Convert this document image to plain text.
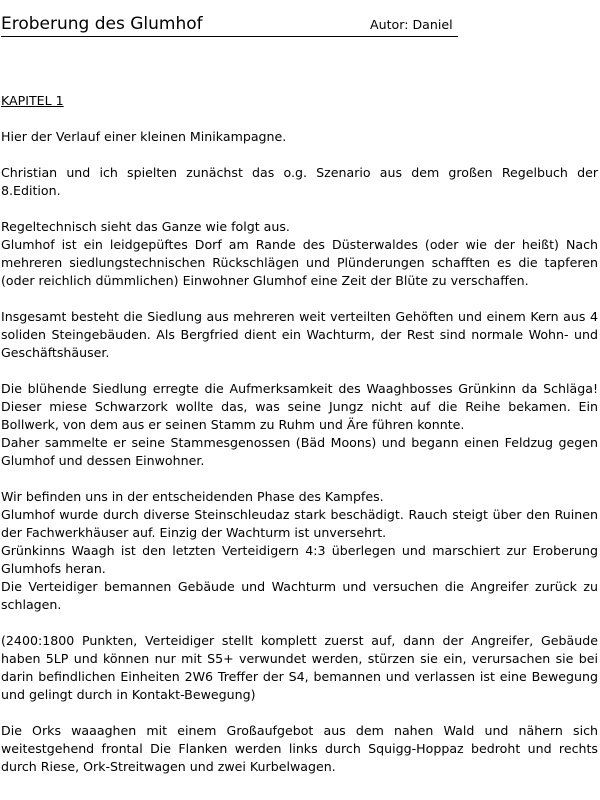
Eroberung des Glumhof	Autor: Daniel
KAPITEL 1

Hier der Verlauf einer kleinen Minikampagne.

Christian und ich spielten zunächst das o.g. Szenario aus dem großen Regelbuch der 8.Edition.

Regeltechnisch sieht das Ganze wie folgt aus.
Glumhof ist ein leidgepüftes Dorf am Rande des Düsterwaldes (oder wie der heißt) Nach mehreren siedlungstechnischen Rückschlägen und Plünderungen schafften es die tapferen (oder reichlich dümmlichen) Einwohner Glumhof eine Zeit der Blüte zu verschaffen.

Insgesamt besteht die Siedlung aus mehreren weit verteilten Gehöften und einem Kern aus 4 soliden Steingebäuden. Als Bergfried dient ein Wachturm, der Rest sind normale Wohn- und Geschäftshäuser.

Die blühende Siedlung erregte die Aufmerksamkeit des Waaghbosses Grünkinn da Schläga! Dieser miese Schwarzork wollte das, was seine Jungz nicht auf die Reihe bekamen. Ein Bollwerk, von dem aus er seinen Stamm zu Ruhm und Äre führen konnte.
Daher sammelte er seine Stammesgenossen (Bäd Moons) und begann einen Feldzug gegen Glumhof und dessen Einwohner.

Wir befinden uns in der entscheidenden Phase des Kampfes.
Glumhof wurde durch diverse Steinschleudaz stark beschädigt. Rauch steigt über den Ruinen der Fachwerkhäuser auf. Einzig der Wachturm ist unversehrt.
Grünkinns Waagh ist den letzten Verteidigern 4:3 überlegen und marschiert zur Eroberung Glumhofs heran.
Die Verteidiger bemannen Gebäude und Wachturm und versuchen die Angreifer zurück zu schlagen.

(2400:1800 Punkten, Verteidiger stellt komplett zuerst auf, dann der Angreifer, Gebäude haben 5LP und können nur mit S5+ verwundet werden, stürzen sie ein, verursachen sie bei darin befindlichen Einheiten 2W6 Treffer der S4, bemannen und verlassen ist eine Bewegung und gelingt durch in Kontakt-Bewegung)

Die Orks waaaghen mit einem Großaufgebot aus dem nahen Wald und nähern sich weitestgehend frontal Die Flanken werden links durch Squigg-Hoppaz bedroht und rechts durch Riese, Ork-Streitwagen und zwei Kurbelwagen.
